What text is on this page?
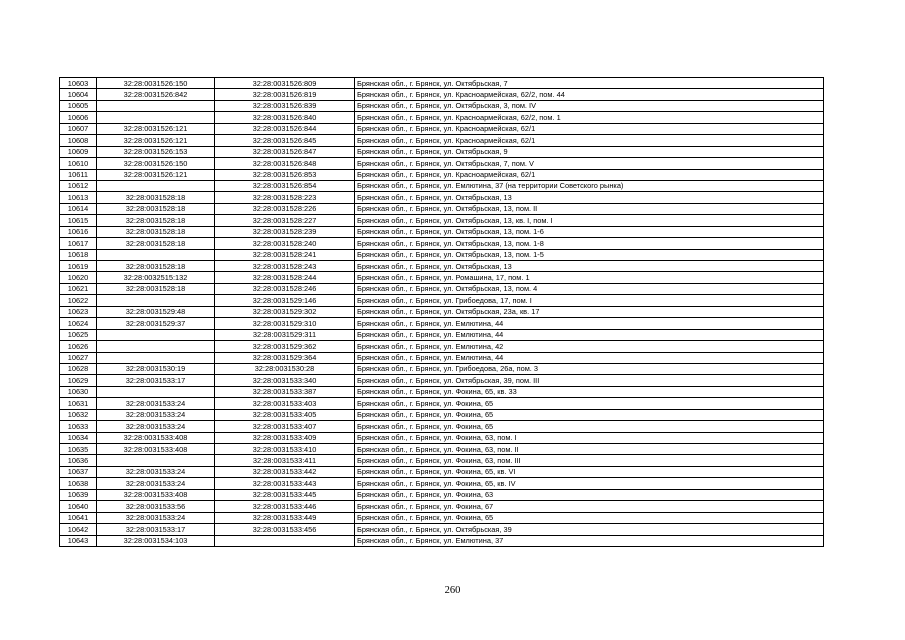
10603	32:28:0031526:150	32:28:0031526:809	Брянская обл., г. Брянск, ул. Октябрьская, 7
10604	32:28:0031526:842	32:28:0031526:819	Брянская обл., г. Брянск, ул. Красноармейская, 62/2, пом. 44
10605		32:28:0031526:839	Брянская обл., г. Брянск, ул. Октябрьская, 3, пом. IV
10606		32:28:0031526:840	Брянская обл., г. Брянск, ул. Красноармейская, 62/2, пом. 1
10607	32:28:0031526:121	32:28:0031526:844	Брянская обл., г. Брянск, ул. Красноармейская, 62/1
10608	32:28:0031526:121	32:28:0031526:845	Брянская обл., г. Брянск, ул. Красноармейская, 62/1
10609	32:28:0031526:153	32:28:0031526:847	Брянская обл., г. Брянск, ул. Октябрьская, 9
10610	32:28:0031526:150	32:28:0031526:848	Брянская обл., г. Брянск, ул. Октябрьская, 7, пом. V
10611	32:28:0031526:121	32:28:0031526:853	Брянская обл., г. Брянск, ул. Красноармейская, 62/1
10612		32:28:0031526:854	Брянская обл., г. Брянск, ул. Емлютина, 37 (на территории Советского рынка)
10613	32:28:0031528:18	32:28:0031528:223	Брянская обл., г. Брянск, ул. Октябрьская, 13
10614	32:28:0031528:18	32:28:0031528:226	Брянская обл., г. Брянск, ул. Октябрьская, 13, пом. II
10615	32:28:0031528:18	32:28:0031528:227	Брянская обл., г. Брянск, ул. Октябрьская, 13, кв. I, пом. I
10616	32:28:0031528:18	32:28:0031528:239	Брянская обл., г. Брянск, ул. Октябрьская, 13, пом. 1-6
10617	32:28:0031528:18	32:28:0031528:240	Брянская обл., г. Брянск, ул. Октябрьская, 13, пом. 1-8
10618		32:28:0031528:241	Брянская обл., г. Брянск, ул. Октябрьская, 13, пом. 1-5
10619	32:28:0031528:18	32:28:0031528:243	Брянская обл., г. Брянск, ул. Октябрьская, 13
10620	32:28:0032515:132	32:28:0031528:244	Брянская обл., г. Брянск, ул. Ромашина, 17, пом. 1
10621	32:28:0031528:18	32:28:0031528:246	Брянская обл., г. Брянск, ул. Октябрьская, 13, пом. 4
10622		32:28:0031529:146	Брянская обл., г. Брянск, ул. Грибоедова, 17, пом. I
10623	32:28:0031529:48	32:28:0031529:302	Брянская обл., г. Брянск, ул. Октябрьская, 23а, кв. 17
10624	32:28:0031529:37	32:28:0031529:310	Брянская обл., г. Брянск, ул. Емлютина, 44
10625		32:28:0031529:311	Брянская обл., г. Брянск, ул. Емлютина, 44
10626		32:28:0031529:362	Брянская обл., г. Брянск, ул. Емлютина, 42
10627		32:28:0031529:364	Брянская обл., г. Брянск, ул. Емлютина, 44
10628	32:28:0031530:19	32:28:0031530:28	Брянская обл., г. Брянск, ул. Грибоедова, 26а, пом. 3
10629	32:28:0031533:17	32:28:0031533:340	Брянская обл., г. Брянск, ул. Октябрьская, 39, пом. III
10630		32:28:0031533:387	Брянская обл., г. Брянск, ул. Фокина, 65, кв. 33
10631	32:28:0031533:24	32:28:0031533:403	Брянская обл., г. Брянск, ул. Фокина, 65
10632	32:28:0031533:24	32:28:0031533:405	Брянская обл., г. Брянск, ул. Фокина, 65
10633	32:28:0031533:24	32:28:0031533:407	Брянская обл., г. Брянск, ул. Фокина, 65
10634	32:28:0031533:408	32:28:0031533:409	Брянская обл., г. Брянск, ул. Фокина, 63, пом. I
10635	32:28:0031533:408	32:28:0031533:410	Брянская обл., г. Брянск, ул. Фокина, 63, пом. II
10636		32:28:0031533:411	Брянская обл., г. Брянск, ул. Фокина, 63, пом. III
10637	32:28:0031533:24	32:28:0031533:442	Брянская обл., г. Брянск, ул. Фокина, 65, кв. VI
10638	32:28:0031533:24	32:28:0031533:443	Брянская обл., г. Брянск, ул. Фокина, 65, кв. IV
10639	32:28:0031533:408	32:28:0031533:445	Брянская обл., г. Брянск, ул. Фокина, 63
10640	32:28:0031533:56	32:28:0031533:446	Брянская обл., г. Брянск, ул. Фокина, 67
10641	32:28:0031533:24	32:28:0031533:449	Брянская обл., г. Брянск, ул. Фокина, 65
10642	32:28:0031533:17	32:28:0031533:456	Брянская обл., г. Брянск, ул. Октябрьская, 39
10643	32:28:0031534:103		Брянская обл., г. Брянск, ул. Емлютина, 37
260
